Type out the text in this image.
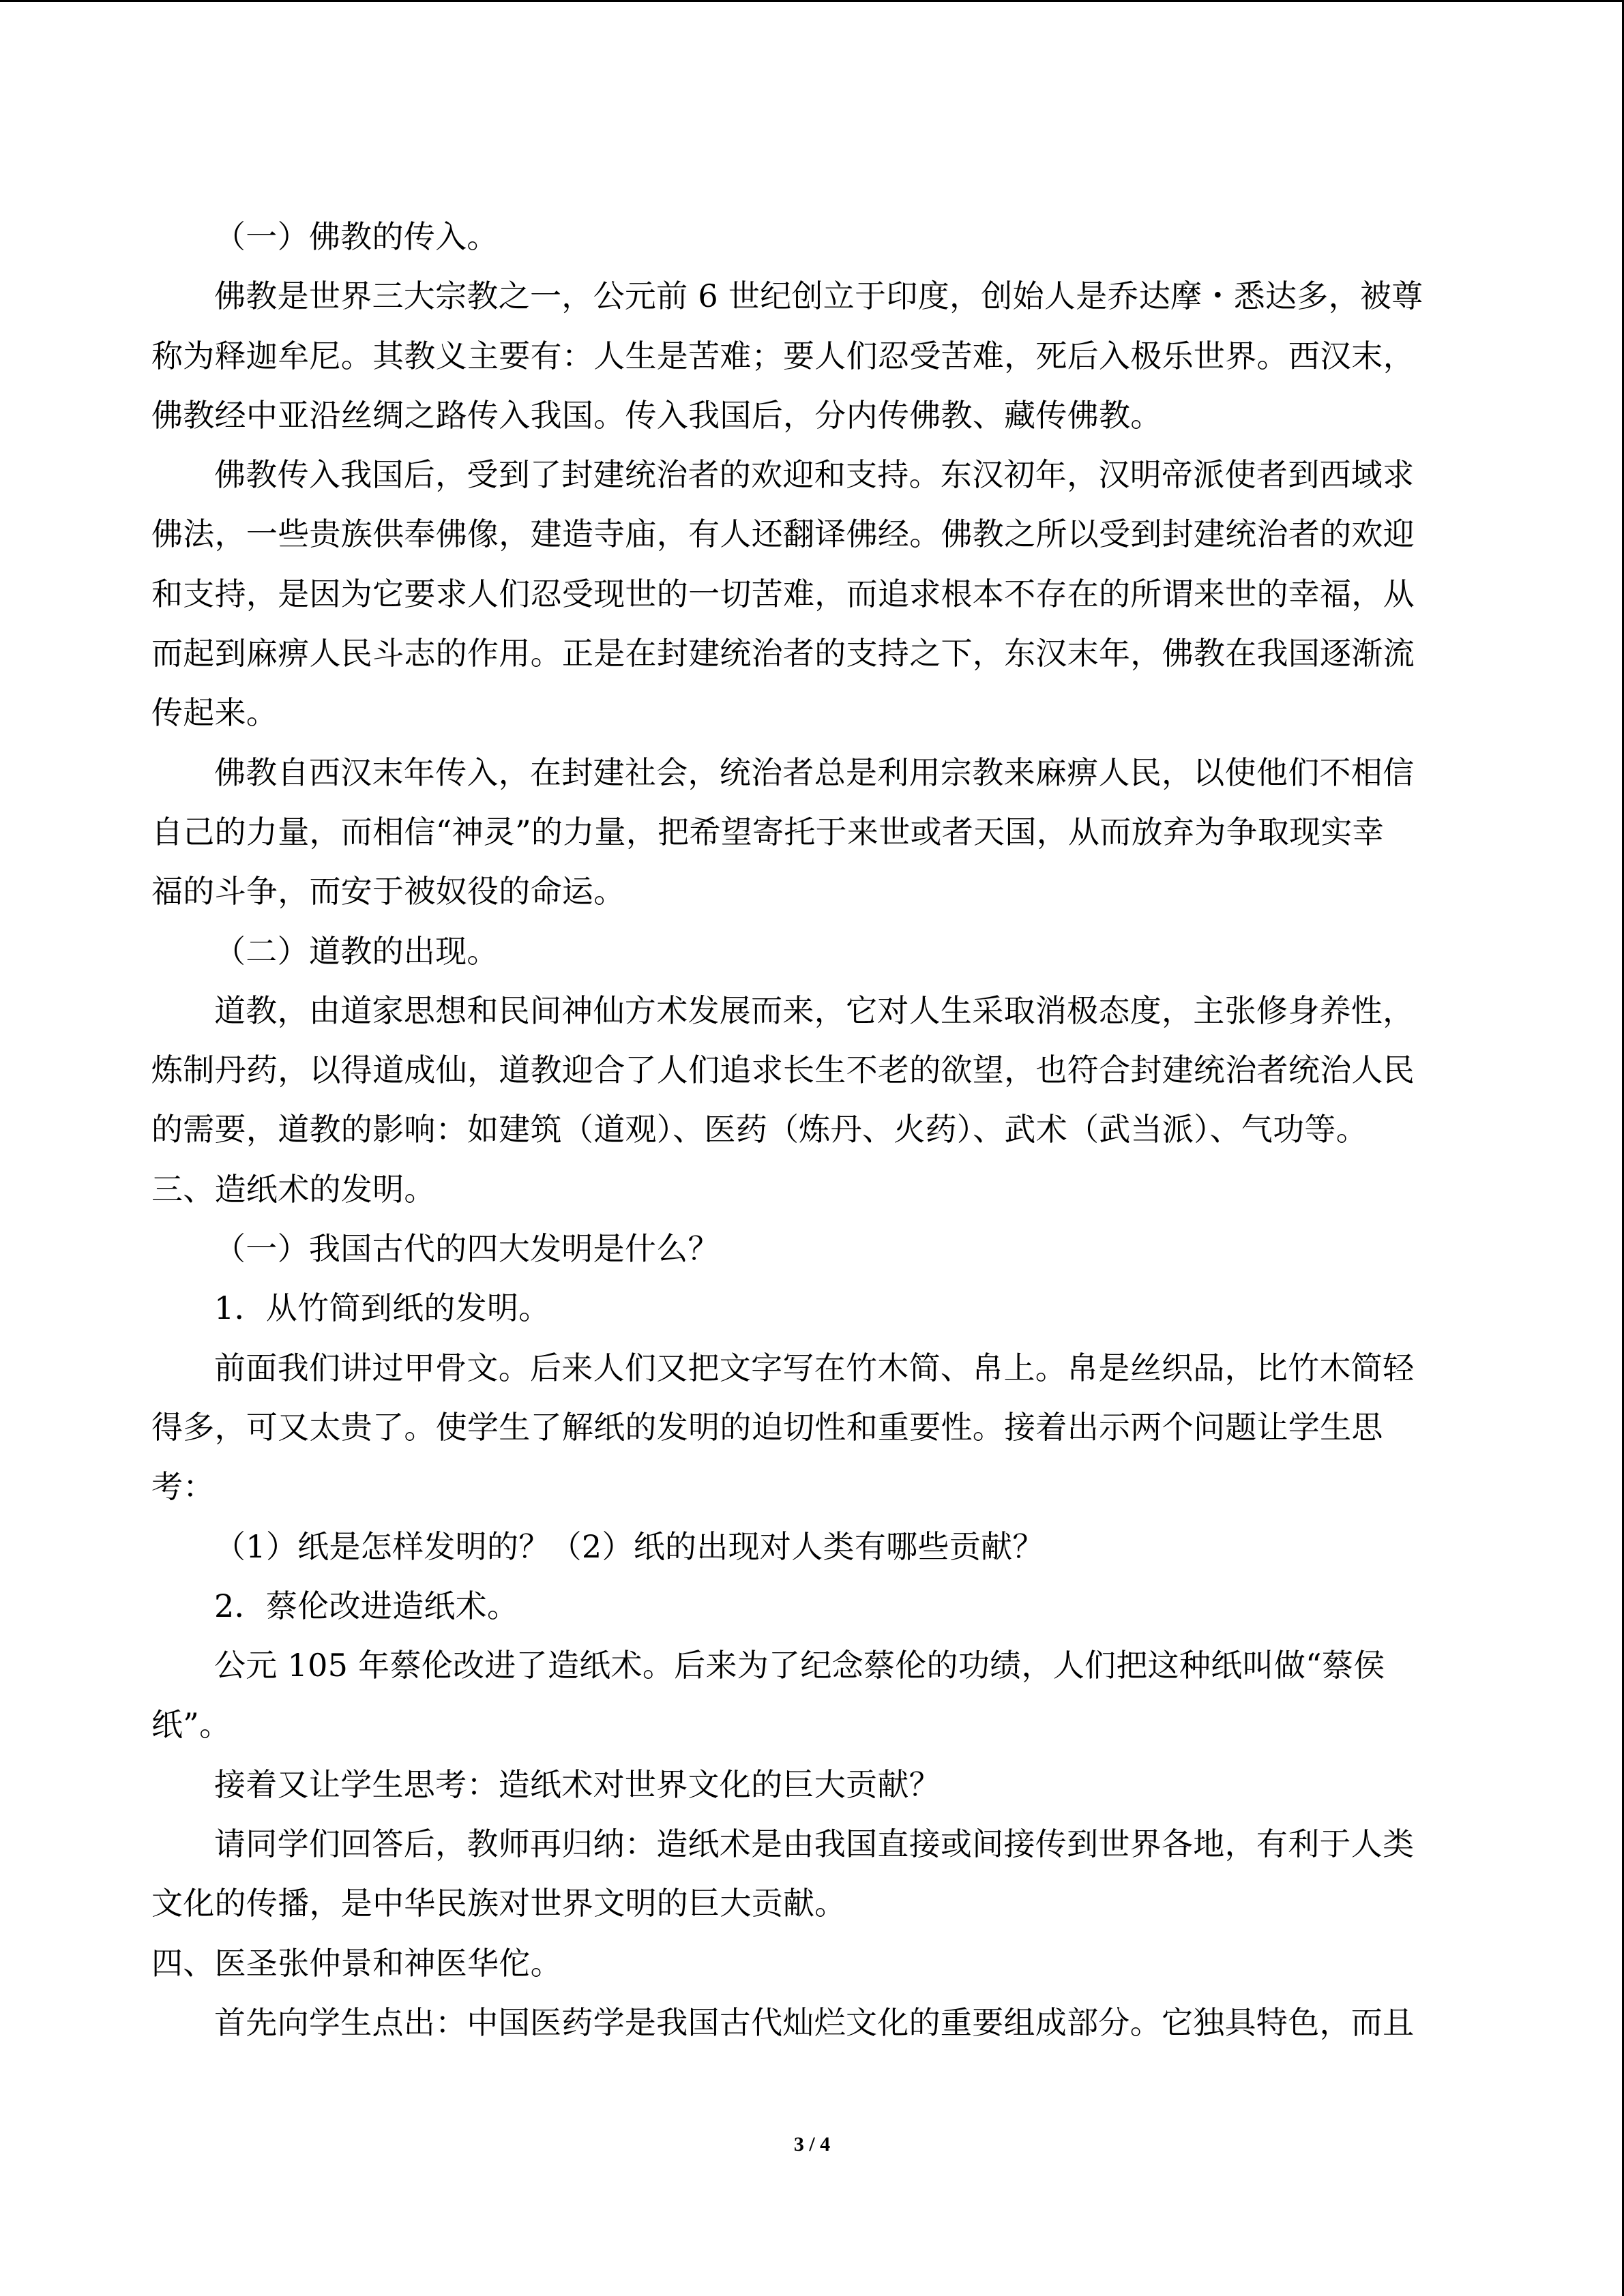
（一）佛教的传入。

佛教是世界三大宗教之一，公元前 6 世纪创立于印度，创始人是乔达摩・悉达多，被尊

称为释迦牟尼。其教义主要有：人生是苦难；要人们忍受苦难，死后入极乐世界。西汉末，

佛教经中亚沿丝绸之路传入我国。传入我国后，分内传佛教、藏传佛教。

佛教传入我国后，受到了封建统治者的欢迎和支持。东汉初年，汉明帝派使者到西域求

佛法，一些贵族供奉佛像，建造寺庙，有人还翻译佛经。佛教之所以受到封建统治者的欢迎

和支持，是因为它要求人们忍受现世的一切苦难，而追求根本不存在的所谓来世的幸福，从

而起到麻痹人民斗志的作用。正是在封建统治者的支持之下，东汉末年，佛教在我国逐渐流

传起来。

佛教自西汉末年传入，在封建社会，统治者总是利用宗教来麻痹人民，以使他们不相信

自己的力量，而相信“神灵”的力量，把希望寄托于来世或者天国，从而放弃为争取现实幸

福的斗争，而安于被奴役的命运。

（二）道教的出现。

道教，由道家思想和民间神仙方术发展而来，它对人生采取消极态度，主张修身养性，

炼制丹药，以得道成仙，道教迎合了人们追求长生不老的欲望，也符合封建统治者统治人民

的需要，道教的影响：如建筑（道观）、医药（炼丹、火药）、武术（武当派）、气功等。

三、造纸术的发明。

（一）我国古代的四大发明是什么？

1．从竹简到纸的发明。

前面我们讲过甲骨文。后来人们又把文字写在竹木简、帛上。帛是丝织品，比竹木简轻

得多，可又太贵了。使学生了解纸的发明的迫切性和重要性。接着出示两个问题让学生思

考：

（1）纸是怎样发明的？（2）纸的出现对人类有哪些贡献？

2．蔡伦改进造纸术。

公元 105 年蔡伦改进了造纸术。后来为了纪念蔡伦的功绩，人们把这种纸叫做“蔡侯

纸”。

接着又让学生思考：造纸术对世界文化的巨大贡献？

请同学们回答后，教师再归纳：造纸术是由我国直接或间接传到世界各地，有利于人类

文化的传播，是中华民族对世界文明的巨大贡献。

四、医圣张仲景和神医华佗。

首先向学生点出：中国医药学是我国古代灿烂文化的重要组成部分。它独具特色，而且

3 / 4
